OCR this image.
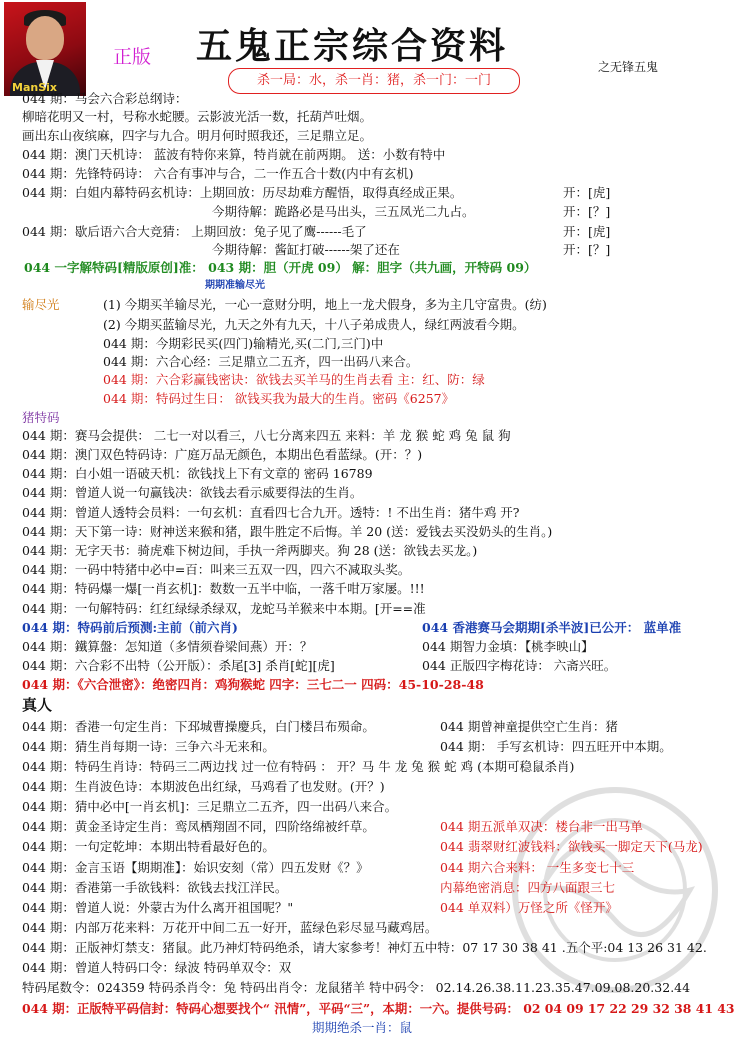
ManSix
正版 五鬼正宗综合资料	之无锋五鬼
杀一局：水，杀一肖：猪，杀一门：一门
044 期：马会六合彩总纲诗：
柳暗花明又一村，号称水蛇腰。云影波光活一数，托葫芦吐烟。
画出东山夜缤麻，四字与九合。明月何时照我还，三足鼎立足。
044 期：澳门天机诗： 蓝波有特你来算，特肖就在前两期。 送：小数有特中
044 期：先锋特码诗： 六合有事冲与合，二一作五合十数(内中有玄机)
044 期：白姐内幕特码玄机诗：上期回放：历尽劫难方醒悟，取得真经成正果。	开：[虎]
今期待解：跪路必是马出头，三五凤光二九占。	开：[？]
044 期：歇后语六合大竞猜： 上期回放：兔子见了鹰------毛了	开：[虎]
今期待解：酱缸打破------架了还在	开：[？]
044 一字解特码[精版原创]准： 043 期：胆（开虎 09） 解：胆字（共九画，开特码 09）
期期准输尽光
输尽光	(1) 今期买羊输尽光，一心一意财分明，地上一龙犬假身，多为主几守富贵。(纺)
(2) 今期买蓝输尽光，九天之外有九天，十八子弟成贵人，绿红两波看今期。
044 期：今期彩民买(四门)输精光,买(二门,三门)中
044 期：六合心经：三足鼎立二五齐，四一出码八来合。
044 期：六合彩赢钱密诀：欲钱去买羊马的生肖去看 主：红、防：绿
044 期：特码过生日： 欲钱买我为最大的生肖。密码《6257》
猪特码
044 期：赛马会提供： 二七一对以看三，八七分离来四五 来料：羊 龙 猴 蛇 鸡 兔 鼠 狗
044 期：澳门双色特码诗：广庭万品无颜色，本期出色看蓝绿。(开：？)
044 期：白小姐一语破天机：欲钱找上下有文章的 密码 16789
044 期：曾道人说一句赢钱决：欲钱去看示威要得法的生肖。
044 期：曾道人透特会员料：一句玄机：直看四七合九开。透特：! 不出生肖：猪牛鸡 开?
044 期：天下第一诗：财神送来猴和猪，跟牛胜定不后悔。羊 20 (送：爱钱去买没奶头的生肖。)
044 期：无字天书：骑虎难下树边间，手执一斧两脚夹。狗 28 (送：欲钱去买龙。)
044 期：一码中特猪中必中=百：叫来三五双一四，四六不减取头奖。
044 期：特码爆一爆[一肖玄机]：数数一五半中临，一落千咁万家屡。!!!
044 期：一句解特码：红红绿绿杀绿双，龙蛇马羊猴来中本期。[开==准
044 期：特码前后预测:主前（前六肖)	044 香港赛马会期期[杀半波]已公开： 蓝单准
044 期：鐵算盤：怎知道（多情须眷梁间燕）开：？	044 期智力金填：【桃李映山】
044 期：六合彩不出特（公开版）：杀尾[3] 杀肖[蛇][虎]	044 正版四字梅花诗： 六斋兴旺。
044 期：《六合泄密》：绝密四肖：鸡狗猴蛇 四字：三七二一 四码：45-10-28-48
真人
044 期：香港一句定生肖：下邳城曹操慶兵，白门楼吕布殒命。	044 期曾神童提供空亡生肖：猪
044 期：猜生肖每期一诗：三争六斗无来和。	044 期： 手写玄机诗：四五旺开中本期。
044 期：特码生肖诗：特码三二两边找 过一位有特码 ： 开？马 牛 龙 兔 猴 蛇 鸡 (本期可稳鼠杀肖)
044 期：生肖波色诗：本期波色出红绿，马鸡看了也发财。(开？)
044 期：猜中必中[一肖玄机]：三足鼎立二五齐，四一出码八来合。
044 期：黄金圣诗定生肖：鸾凤栖翔固不同，四阶络绵被纤草。	044 期五派单双决：楼台非一出马单
044 期：一句定乾坤：本期出特看最好色的。	044 翡翠财红波钱料：欲钱买一脚定天下(马龙)
044 期：金言玉语【期期准】：始识安刻（常）四五发财《？》	044 期六合来料： 一生多变七十三
044 期：香港第一手欲钱料：欲钱去找江洋民。	内幕绝密消息：四方八面跟三七
044 期：曾道人说：外蒙古为什么离开祖国呢？"	044 单双料）万怪之所《怪开》
044 期：内部万花来料：万花开中间二五一好开，蓝绿色彩尽显马藏鸡居。
044 期：正版神灯禁支：猪鼠。此乃神灯特码绝杀，请大家参考！神灯五中特：07 17 30 38 41 .五个平:04 13 26 31 42.
044 期：曾道人特码口令：绿波 特码单双令：双
特码尾数令：024359 特码杀肖令：兔 特码出肖令：龙鼠猪羊 特中码令： 02.14.26.38.11.23.35.47.09.08.20.32.44
044 期：正版特平码信封：特码心想要找个“ 汛情”，平码“三”，本期：一六。提供号码： 02 04 09 17 22 29 32 38 41 43
期期绝杀一肖：鼠
